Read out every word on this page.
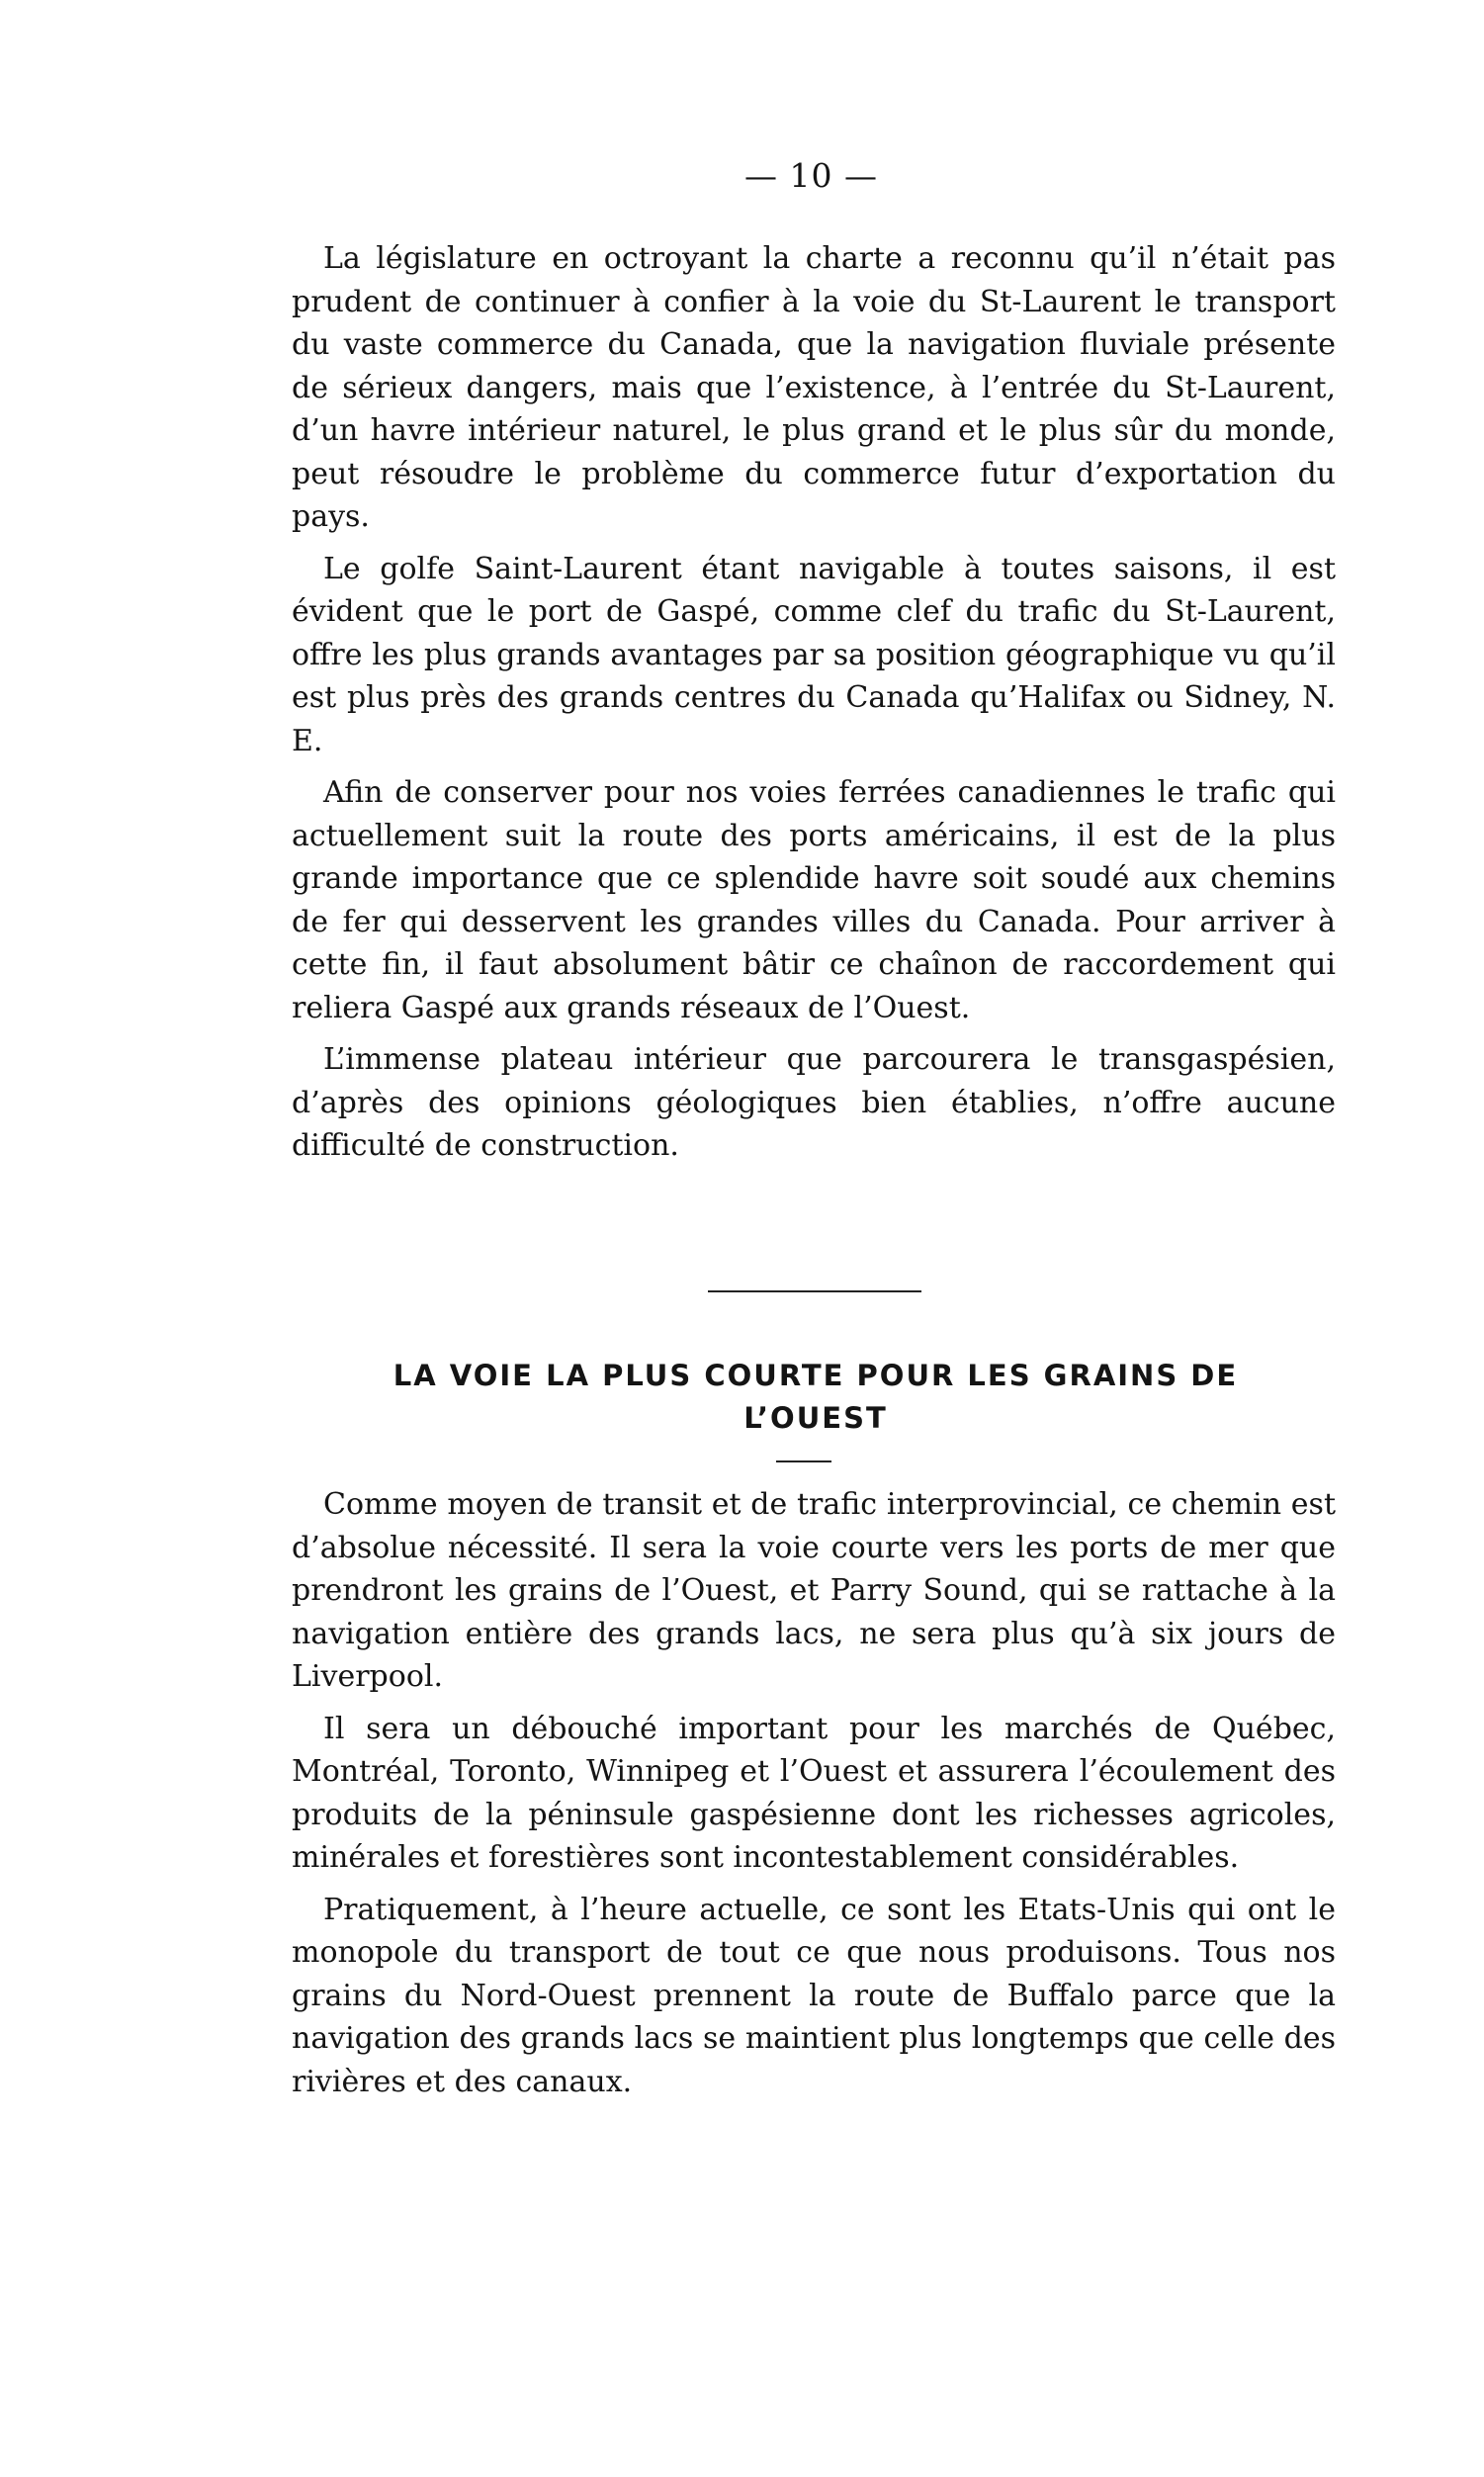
— 10 —

La législature en octroyant la charte a reconnu qu’il n’était pas prudent de continuer à confier à la voie du St-Laurent le transport du vaste commerce du Canada, que la navigation fluviale présente de sérieux dangers, mais que l’existence, à l’entrée du St-Laurent, d’un havre intérieur naturel, le plus grand et le plus sûr du monde, peut résoudre le problème du commerce futur d’exportation du pays.

Le golfe Saint-Laurent étant navigable à toutes saisons, il est évident que le port de Gaspé, comme clef du trafic du St-Laurent, offre les plus grands avantages par sa position géographique vu qu’il est plus près des grands centres du Canada qu’Halifax ou Sidney, N. E.

Afin de conserver pour nos voies ferrées canadiennes le trafic qui actuellement suit la route des ports américains, il est de la plus grande importance que ce splendide havre soit soudé aux chemins de fer qui desservent les grandes villes du Canada. Pour arriver à cette fin, il faut absolument bâtir ce chaînon de raccordement qui reliera Gaspé aux grands réseaux de l’Ouest.

L’immense plateau intérieur que parcourera le transgaspésien, d’après des opinions géologiques bien établies, n’offre aucune difficulté de construction.

LA VOIE LA PLUS COURTE POUR LES GRAINS DE
L’OUEST

Comme moyen de transit et de trafic interprovincial, ce chemin est d’absolue nécessité. Il sera la voie courte vers les ports de mer que prendront les grains de l’Ouest, et Parry Sound, qui se rattache à la navigation entière des grands lacs, ne sera plus qu’à six jours de Liverpool.

Il sera un débouché important pour les marchés de Québec, Montréal, Toronto, Winnipeg et l’Ouest et assurera l’écoulement des produits de la péninsule gaspésienne dont les richesses agricoles, minérales et forestières sont incontestablement considérables.

Pratiquement, à l’heure actuelle, ce sont les Etats-Unis qui ont le monopole du transport de tout ce que nous produisons. Tous nos grains du Nord-Ouest prennent la route de Buffalo parce que la navigation des grands lacs se maintient plus longtemps que celle des rivières et des canaux.
